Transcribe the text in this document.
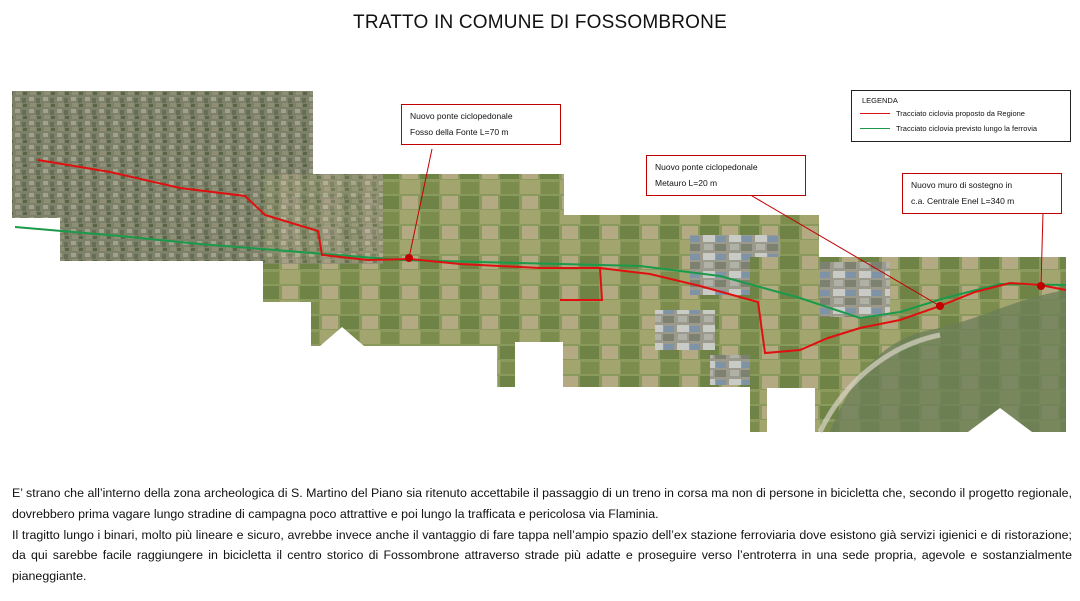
TRATTO IN COMUNE DI FOSSOMBRONE
Nuovo ponte ciclopedonale
Fosso della Fonte L=70 m
Nuovo ponte ciclopedonale
Metauro L=20 m	Nuovo muro di sostegno in
c.a. Centrale Enel L=340 m
LEGENDA
Tracciato ciclovia proposto da Regione
Tracciato ciclovia previsto lungo la ferrovia

E’ strano che all’interno della zona archeologica di S. Martino del Piano sia ritenuto accettabile il passaggio di un treno in corsa ma non di persone in bicicletta che, secondo il progetto regionale, dovrebbero prima vagare lungo stradine di campagna poco attrattive e poi lungo la trafficata e pericolosa via Flaminia.

Il tragitto lungo i binari, molto più lineare e sicuro, avrebbe invece anche il vantaggio di fare tappa nell’ampio spazio dell’ex stazione ferroviaria dove esistono già servizi igienici e di ristorazione; da qui sarebbe facile raggiungere in bicicletta il centro storico di Fossombrone attraverso strade più adatte e proseguire verso l’entroterra in una sede propria, agevole e sostanzialmente pianeggiante.
